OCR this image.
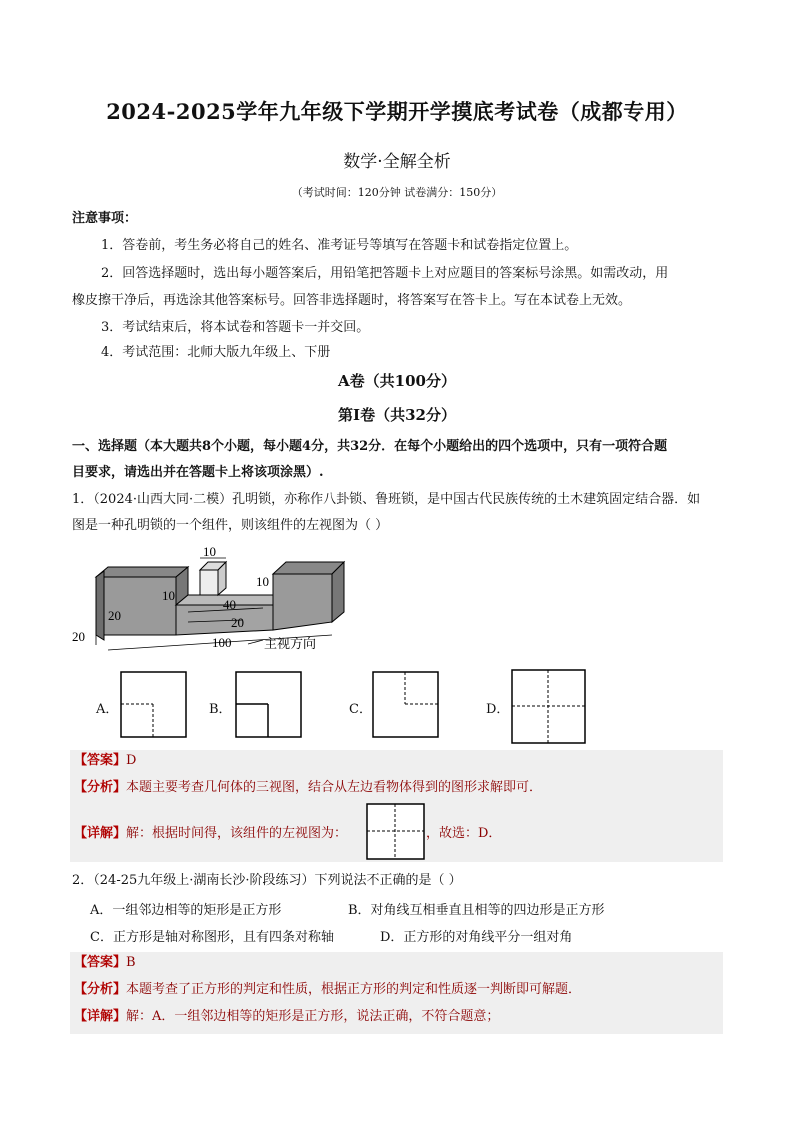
2024-2025学年九年级下学期开学摸底考试卷（成都专用）
数学·全解全析
（考试时间：120分钟 试卷满分：150分）
注意事项：
1．答卷前，考生务必将自己的姓名、准考证号等填写在答题卡和试卷指定位置上。
2．回答选择题时，选出每小题答案后，用铅笔把答题卡上对应题目的答案标号涂黑。如需改动，用
橡皮擦干净后，再选涂其他答案标号。回答非选择题时，将答案写在答卡上。写在本试卷上无效。
3．考试结束后，将本试卷和答题卡一并交回。
4．考试范围：北师大版九年级上、下册
A卷（共100分）
第Ⅰ卷（共32分）
一、选择题（本大题共8个小题，每小题4分，共32分．在每个小题给出的四个选项中，只有一项符合题
目要求，请选出并在答题卡上将该项涂黑）.
1．（2024·山西大同·二模）孔明锁，亦称作八卦锁、鲁班锁，是中国古代民族传统的土木建筑固定结合器．如
图是一种孔明锁的一个组件，则该组件的左视图为（ ）
10
10
10
40
20
20
20	100	主视方向
A．	B．	C．	D．
【答案】D
【分析】本题主要考查几何体的三视图，结合从左边看物体得到的图形求解即可．
【详解】解：根据时间得，该组件的左视图为：	，故选：D．
2．（24-25九年级上·湖南长沙·阶段练习）下列说法不正确的是（ ）
A．一组邻边相等的矩形是正方形	B．对角线互相垂直且相等的四边形是正方形
C．正方形是轴对称图形，且有四条对称轴	D．正方形的对角线平分一组对角
【答案】B
【分析】本题考查了正方形的判定和性质，根据正方形的判定和性质逐一判断即可解题．
【详解】解：A．一组邻边相等的矩形是正方形，说法正确，不符合题意；
